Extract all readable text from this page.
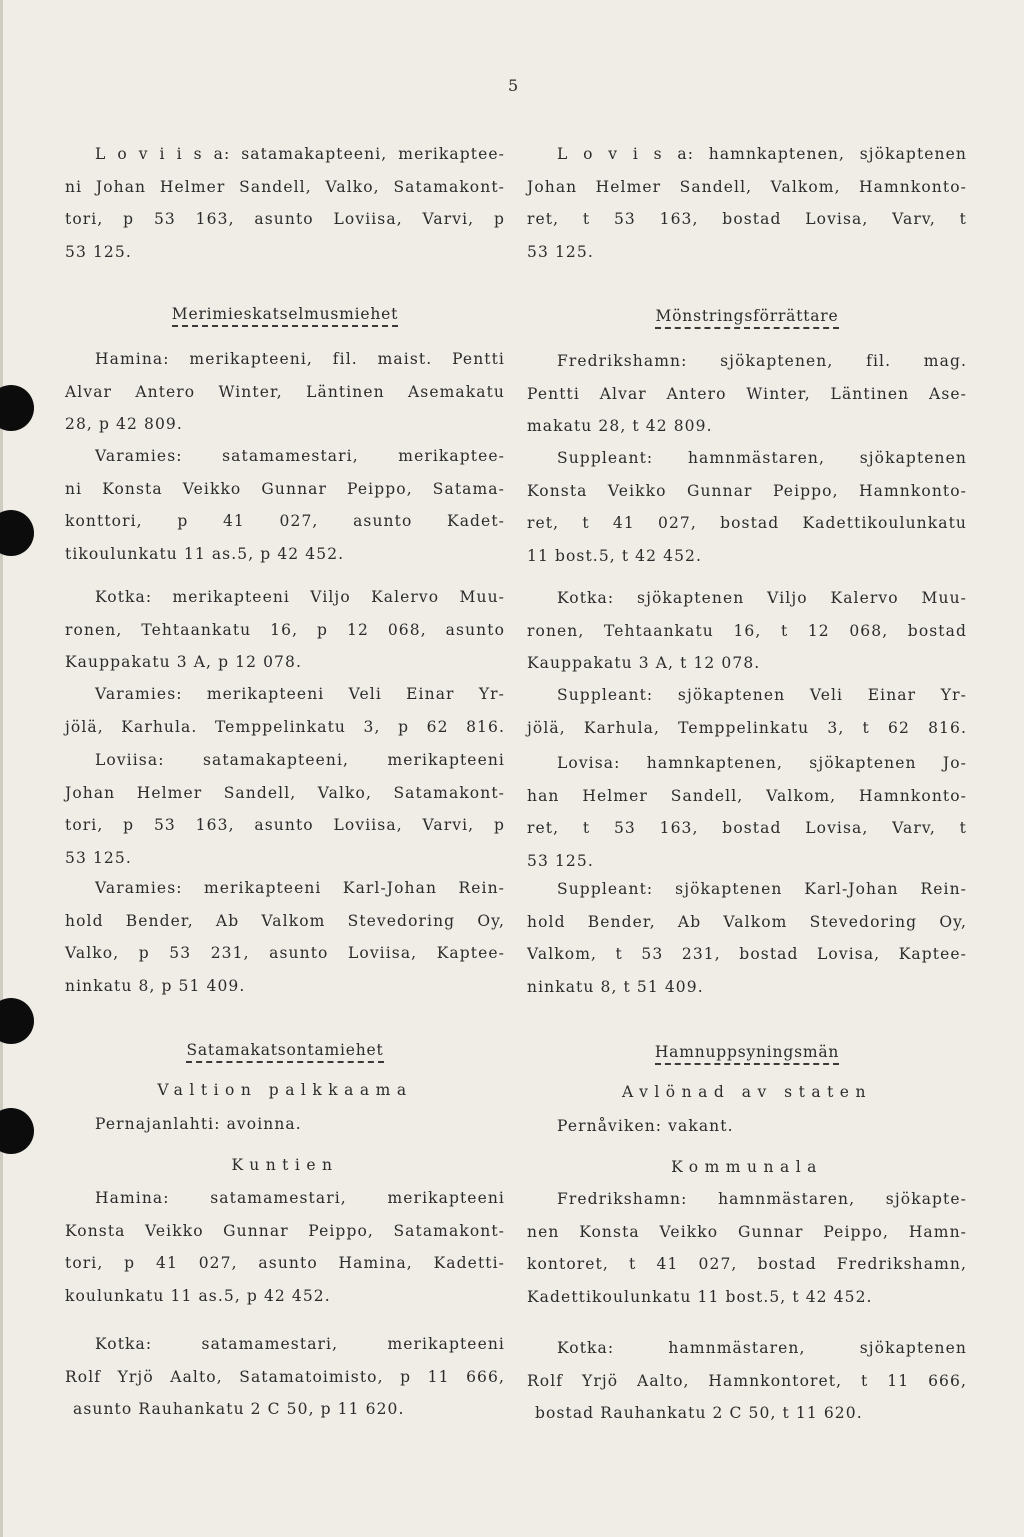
5
L o v i i s a: satamakapteeni, merikaptee-
ni Johan Helmer Sandell, Valko, Satamakont-
tori, p 53 163, asunto Loviisa, Varvi, p
53 125.
Merimieskatselmusmiehet
Hamina: merikapteeni, fil. maist. Pentti
Alvar Antero Winter, Läntinen Asemakatu
28, p 42 809.
Varamies: satamamestari, merikaptee-
ni Konsta Veikko Gunnar Peippo, Satama-
konttori, p 41 027, asunto Kadet-
tikoulunkatu 11 as.5, p 42 452.
Kotka: merikapteeni Viljo Kalervo Muu-
ronen, Tehtaankatu 16, p 12 068, asunto
Kauppakatu 3 A, p 12 078.
Varamies: merikapteeni Veli Einar Yr-
jölä, Karhula. Temppelinkatu 3, p 62 816.
Loviisa: satamakapteeni, merikapteeni
Johan Helmer Sandell, Valko, Satamakont-
tori, p 53 163, asunto Loviisa, Varvi, p
53 125.
Varamies: merikapteeni Karl-Johan Rein-
hold Bender, Ab Valkom Stevedoring Oy,
Valko, p 53 231, asunto Loviisa, Kaptee-
ninkatu 8, p 51 409.
Satamakatsontamiehet
Valtion palkkaama
Pernajanlahti: avoinna.
Kuntien
Hamina: satamamestari, merikapteeni
Konsta Veikko Gunnar Peippo, Satamakont-
tori, p 41 027, asunto Hamina, Kadetti-
koulunkatu 11 as.5, p 42 452.
Kotka: satamamestari, merikapteeni
Rolf Yrjö Aalto, Satamatoimisto, p 11 666,
asunto Rauhankatu 2 C 50, p 11 620.
L o v i s a: hamnkaptenen, sjökaptenen
Johan Helmer Sandell, Valkom, Hamnkonto-
ret, t 53 163, bostad Lovisa, Varv, t
53 125.
Mönstringsförrättare
Fredrikshamn: sjökaptenen, fil. mag.
Pentti Alvar Antero Winter, Läntinen Ase-
makatu 28, t 42 809.
Suppleant: hamnmästaren, sjökaptenen
Konsta Veikko Gunnar Peippo, Hamnkonto-
ret, t 41 027, bostad Kadettikoulunkatu
11 bost.5, t 42 452.
Kotka: sjökaptenen Viljo Kalervo Muu-
ronen, Tehtaankatu 16, t 12 068, bostad
Kauppakatu 3 A, t 12 078.
Suppleant: sjökaptenen Veli Einar Yr-
jölä, Karhula, Temppelinkatu 3, t 62 816.
Lovisa: hamnkaptenen, sjökaptenen Jo-
han Helmer Sandell, Valkom, Hamnkonto-
ret, t 53 163, bostad Lovisa, Varv, t
53 125.
Suppleant: sjökaptenen Karl-Johan Rein-
hold Bender, Ab Valkom Stevedoring Oy,
Valkom, t 53 231, bostad Lovisa, Kaptee-
ninkatu 8, t 51 409.
Hamnuppsyningsmän
Avlönad av staten
Pernåviken: vakant.
Kommunala
Fredrikshamn: hamnmästaren, sjökapte-
nen Konsta Veikko Gunnar Peippo, Hamn-
kontoret, t 41 027, bostad Fredrikshamn,
Kadettikoulunkatu 11 bost.5, t 42 452.
Kotka: hamnmästaren, sjökaptenen
Rolf Yrjö Aalto, Hamnkontoret, t 11 666,
bostad Rauhankatu 2 C 50, t 11 620.
